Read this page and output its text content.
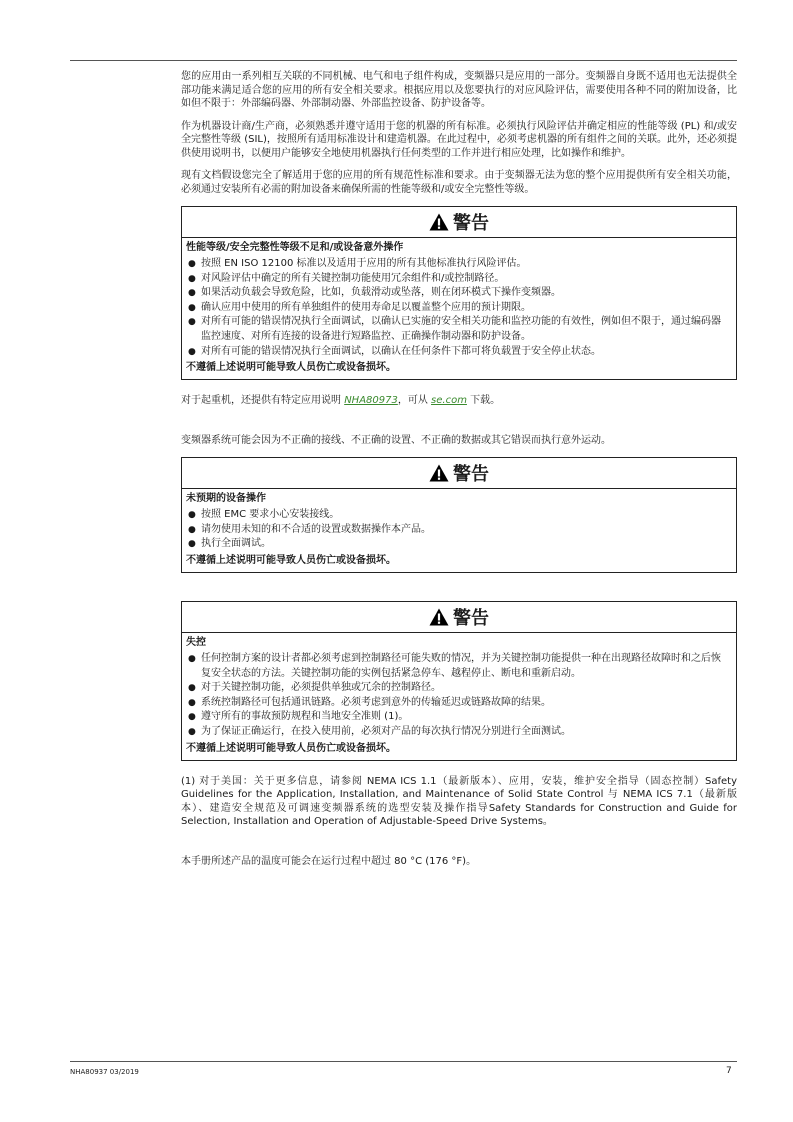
您的应用由一系列相互关联的不同机械、电气和电子组件构成，变频器只是应用的一部分。变频器自身既不适用也无法提供全部功能来满足适合您的应用的所有安全相关要求。根据应用以及您要执行的对应风险评估，需要使用各种不同的附加设备，比如但不限于：外部编码器、外部制动器、外部监控设备、防护设备等。

作为机器设计商/生产商，必须熟悉并遵守适用于您的机器的所有标准。必须执行风险评估并确定相应的性能等级 (PL) 和/或安全完整性等级 (SIL)，按照所有适用标准设计和建造机器。在此过程中，必须考虑机器的所有组件之间的关联。此外，还必须提供使用说明书，以便用户能够安全地使用机器执行任何类型的工作并进行相应处理，比如操作和维护。

现有文档假设您完全了解适用于您的应用的所有规范性标准和要求。由于变频器无法为您的整个应用提供所有安全相关功能，必须通过安装所有必需的附加设备来确保所需的性能等级和/或安全完整性等级。

警告
性能等级/安全完整性等级不足和/或设备意外操作
● 按照 EN ISO 12100 标准以及适用于应用的所有其他标准执行风险评估。
● 对风险评估中确定的所有关键控制功能使用冗余组件和/或控制路径。
● 如果活动负载会导致危险，比如，负载滑动或坠落，则在闭环模式下操作变频器。
● 确认应用中使用的所有单独组件的使用寿命足以覆盖整个应用的预计期限。
● 对所有可能的错误情况执行全面调试，以确认已实施的安全相关功能和监控功能的有效性，例如但不限于，通过编码器监控速度、对所有连接的设备进行短路监控、正确操作制动器和防护设备。
● 对所有可能的错误情况执行全面调试，以确认在任何条件下都可将负载置于安全停止状态。
不遵循上述说明可能导致人员伤亡或设备损坏。

对于起重机，还提供有特定应用说明 NHA80973，可从 se.com 下载。

变频器系统可能会因为不正确的接线、不正确的设置、不正确的数据或其它错误而执行意外运动。

警告
未预期的设备操作
● 按照 EMC 要求小心安装接线。
● 请勿使用未知的和不合适的设置或数据操作本产品。
● 执行全面调试。
不遵循上述说明可能导致人员伤亡或设备损坏。
警告
失控
● 任何控制方案的设计者都必须考虑到控制路径可能失败的情况，并为关键控制功能提供一种在出现路径故障时和之后恢复安全状态的方法。关键控制功能的实例包括紧急停车、越程停止、断电和重新启动。
● 对于关键控制功能，必须提供单独或冗余的控制路径。
● 系统控制路径可包括通讯链路。必须考虑到意外的传输延迟或链路故障的结果。
● 遵守所有的事故预防规程和当地安全准则 (1)。
● 为了保证正确运行，在投入使用前，必须对产品的每次执行情况分别进行全面测试。
不遵循上述说明可能导致人员伤亡或设备损坏。

(1) 对于美国：关于更多信息，请参阅 NEMA ICS 1.1（最新版本）、应用，安装，维护安全指导（固态控制）Safety Guidelines for the Application, Installation, and Maintenance of Solid State Control 与 NEMA ICS 7.1（最新版本）、建造安全规范及可调速变频器系统的选型安装及操作指导Safety Standards for Construction and Guide for Selection, Installation and Operation of Adjustable-Speed Drive Systems。

本手册所述产品的温度可能会在运行过程中超过 80 °C (176 °F)。

NHA80937 03/2019	7
